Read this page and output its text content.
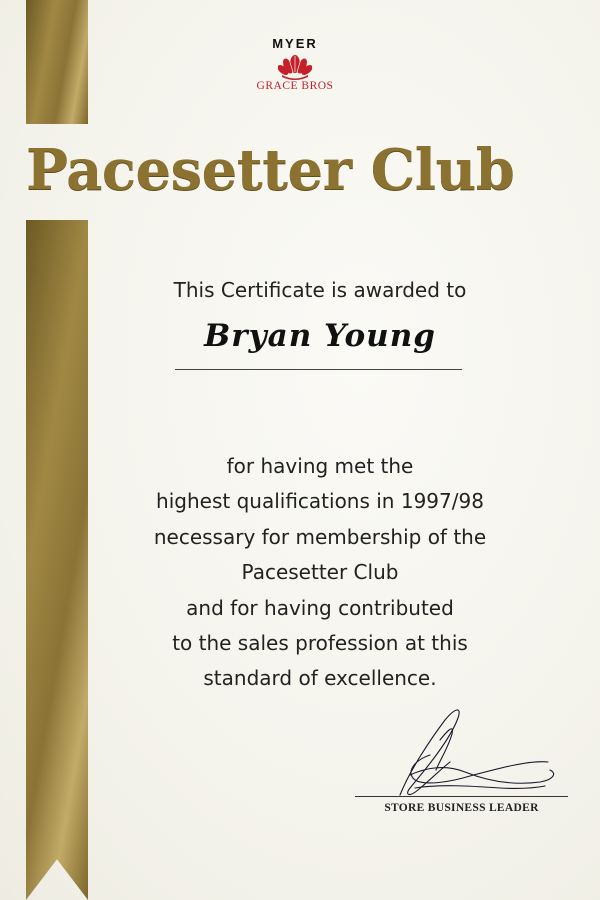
MYER
GRACE BROS
Pacesetter Club
This Certificate is awarded to
Bryan Young
for having met the
highest qualifications in 1997/98
necessary for membership of the
Pacesetter Club
and for having contributed
to the sales profession at this
standard of excellence.
STORE BUSINESS LEADER
